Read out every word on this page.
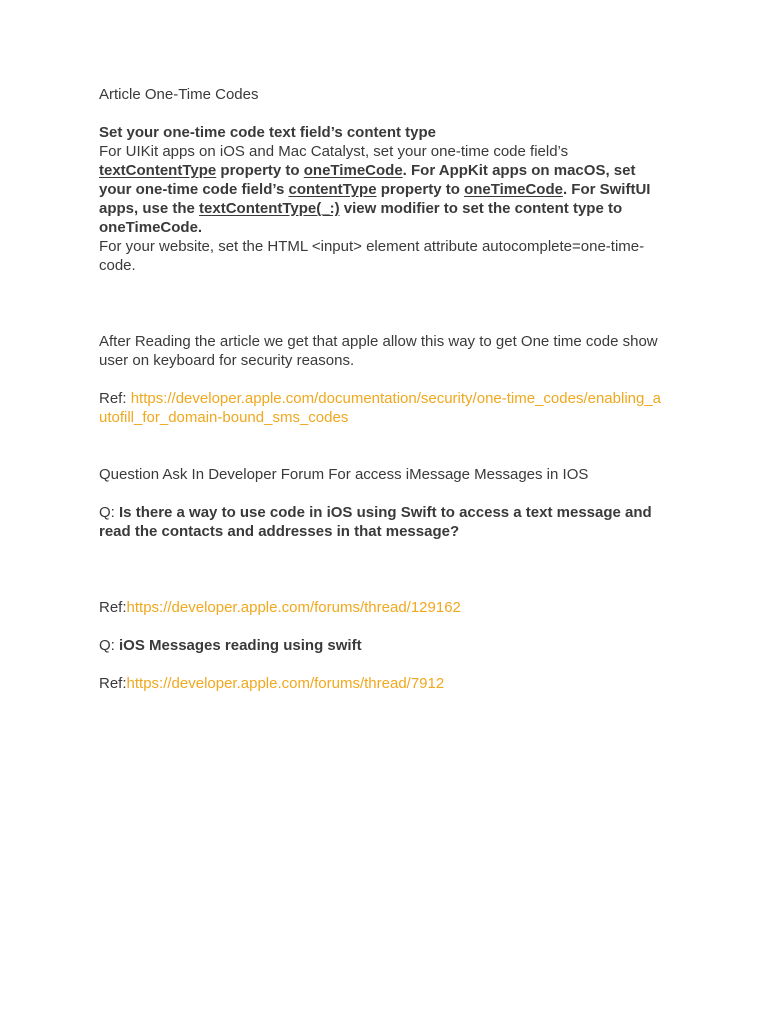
Article One-Time Codes

Set your one-time code text field’s content type

For UIKit apps on iOS and Mac Catalyst, set your one-time code field’s textContentType property to oneTimeCode. For AppKit apps on macOS, set your one-time code field’s contentType property to oneTimeCode. For SwiftUI apps, use the textContentType(_:) view modifier to set the content type to oneTimeCode.

For your website, set the HTML <input> element attribute autocomplete=one-time-code.

After Reading the article we get that apple allow this way to get One time code show user on keyboard for security reasons.

Ref: https://developer.apple.com/documentation/security/one-time_codes/enabling_autofill_for_domain-bound_sms_codes

Question Ask In Developer Forum For access iMessage Messages in IOS

Q: Is there a way to use code in iOS using Swift to access a text message and read the contacts and addresses in that message?

Ref:https://developer.apple.com/forums/thread/129162

Q: iOS Messages reading using swift

Ref:https://developer.apple.com/forums/thread/7912
